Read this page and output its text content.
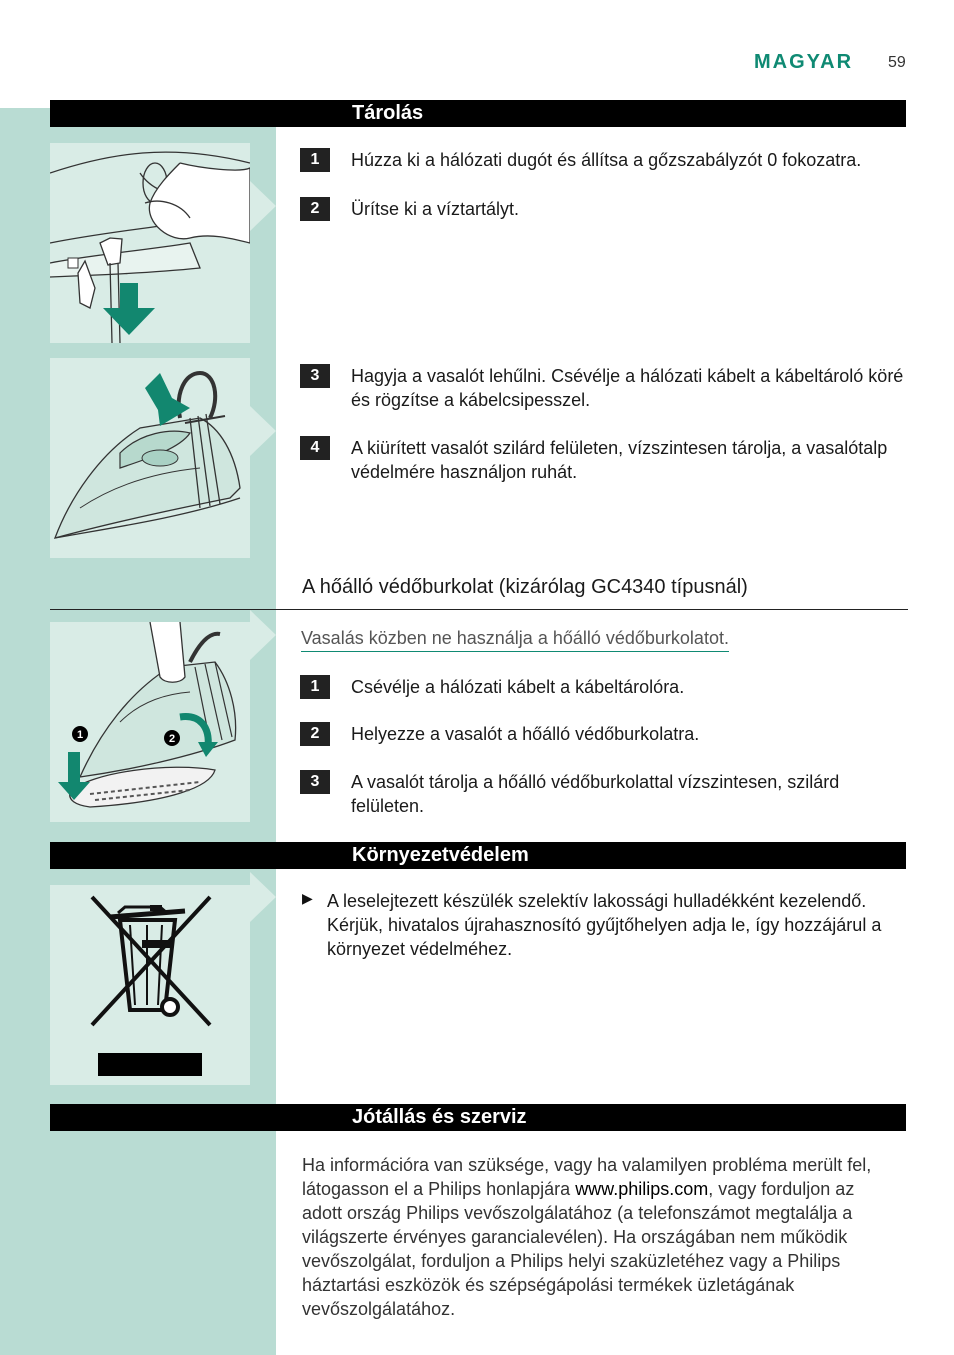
MAGYAR 59
Tárolás
1	Húzza ki a hálózati dugót és állítsa a gőzszabályzót 0 fokozatra.
2	Ürítse ki a víztartályt.
3	Hagyja a vasalót lehűlni. Csévélje a hálózati kábelt a kábeltároló köré és rögzítse a kábelcsipesszel.
4	A kiürített vasalót szilárd felületen, vízszintesen tárolja, a vasalótalp védelmére használjon ruhát.
A hőálló védőburkolat (kizárólag GC4340 típusnál)
1	2
Vasalás közben ne használja a hőálló védőburkolatot.
1	Csévélje a hálózati kábelt a kábeltárolóra.
2	Helyezze a vasalót a hőálló védőburkolatra.
3	A vasalót tárolja a hőálló védőburkolattal vízszintesen, szilárd felületen.
Környezetvédelem
▶ A leselejtezett készülék szelektív lakossági hulladékként kezelendő. Kérjük, hivatalos újrahasznosító gyűjtőhelyen adja le, így hozzájárul a környezet védelméhez.
Jótállás és szerviz
Ha információra van szüksége, vagy ha valamilyen probléma merült fel, látogasson el a Philips honlapjára www.philips.com, vagy forduljon az adott ország Philips vevőszolgálatához (a telefonszámot megtalálja a világszerte érvényes garancialevélen). Ha országában nem működik vevőszolgálat, forduljon a Philips helyi szaküzletéhez vagy a Philips háztartási eszközök és szépségápolási termékek üzletágának vevőszolgálatához.
